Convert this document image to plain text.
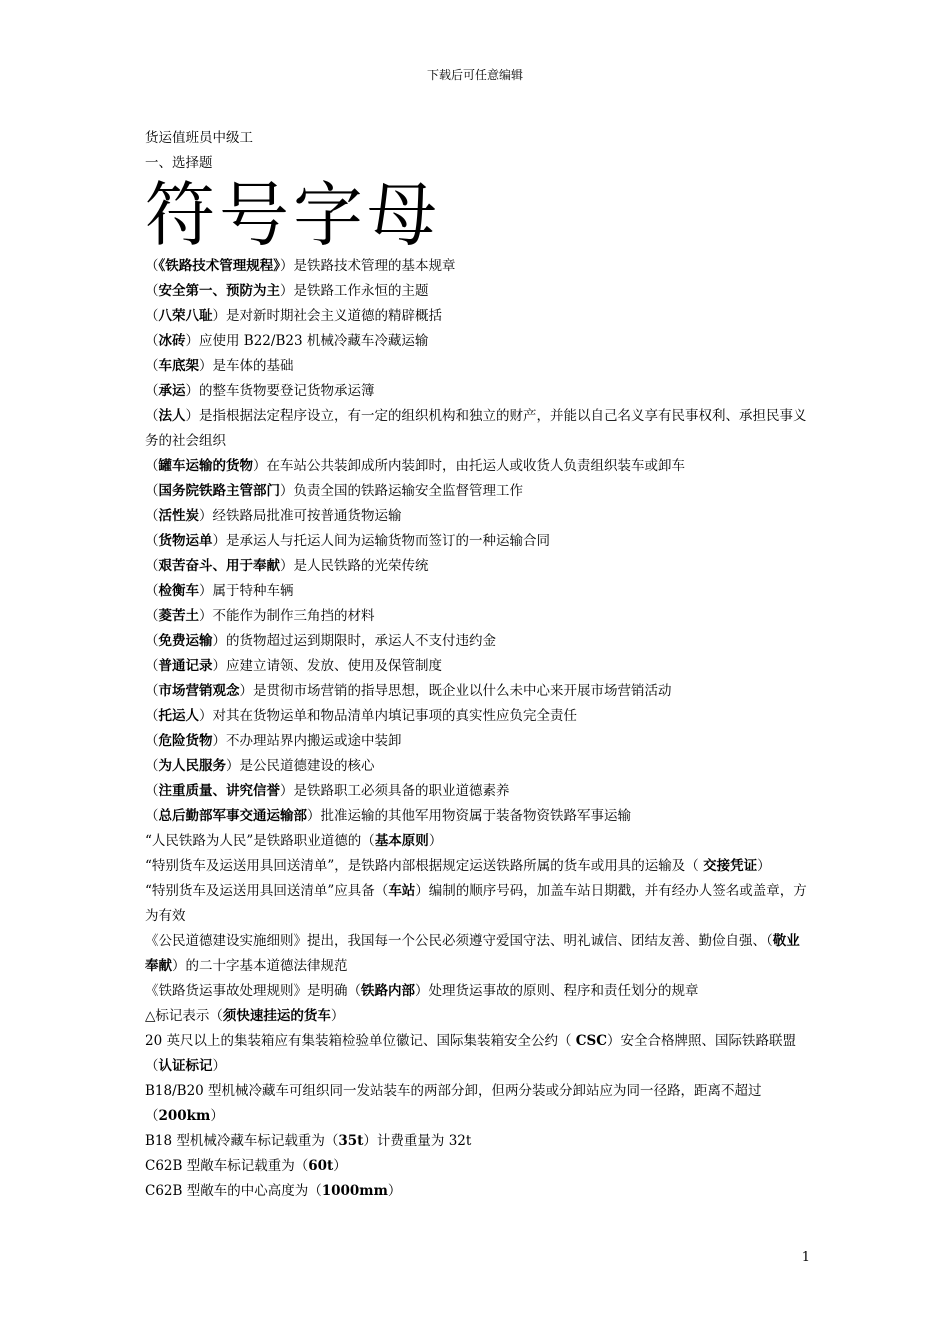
下载后可任意编辑

货运值班员中级工

一、选择题

符号字母

（《铁路技术管理规程》）是铁路技术管理的基本规章

（安全第一、预防为主）是铁路工作永恒的主题

（八荣八耻）是对新时期社会主义道德的精辟概括

（冰砖）应使用 B22/B23 机械冷藏车冷藏运输

（车底架）是车体的基础

（承运）的整车货物要登记货物承运簿

（法人）是指根据法定程序设立，有一定的组织机构和独立的财产，并能以自己名义享有民事权利、承担民事义务的社会组织

（罐车运输的货物）在车站公共装卸成所内装卸时，由托运人或收货人负责组织装车或卸车

（国务院铁路主管部门）负责全国的铁路运输安全监督管理工作

（活性炭）经铁路局批准可按普通货物运输

（货物运单）是承运人与托运人间为运输货物而签订的一种运输合同

（艰苦奋斗、用于奉献）是人民铁路的光荣传统

（检衡车）属于特种车辆

（菱苦土）不能作为制作三角挡的材料

（免费运输）的货物超过运到期限时，承运人不支付违约金

（普通记录）应建立请领、发放、使用及保管制度

（市场营销观念）是贯彻市场营销的指导思想，既企业以什么未中心来开展市场营销活动

（托运人）对其在货物运单和物品清单内填记事项的真实性应负完全责任

（危险货物）不办理站界内搬运或途中装卸

（为人民服务）是公民道德建设的核心

（注重质量、讲究信誉）是铁路职工必须具备的职业道德素养

（总后勤部军事交通运输部）批准运输的其他军用物资属于装备物资铁路军事运输

“人民铁路为人民”是铁路职业道德的（基本原则）

“特别货车及运送用具回送清单”，是铁路内部根据规定运送铁路所属的货车或用具的运输及（ 交接凭证）

“特别货车及运送用具回送清单”应具备（车站）编制的顺序号码，加盖车站日期戳，并有经办人签名或盖章，方为有效

《公民道德建设实施细则》提出，我国每一个公民必须遵守爱国守法、明礼诚信、团结友善、勤俭自强、（敬业奉献）的二十字基本道德法律规范

《铁路货运事故处理规则》是明确（铁路内部）处理货运事故的原则、程序和责任划分的规章

△标记表示（须快速挂运的货车）

20 英尺以上的集装箱应有集装箱检验单位徽记、国际集装箱安全公约（ CSC）安全合格牌照、国际铁路联盟（认证标记）

B18/B20 型机械冷藏车可组织同一发站装车的两部分卸，但两分装或分卸站应为同一径路，距离不超过（200km）

B18 型机械冷藏车标记载重为（35t）计费重量为 32t

C62B 型敞车标记载重为（60t）

C62B 型敞车的中心高度为（1000mm）

1
